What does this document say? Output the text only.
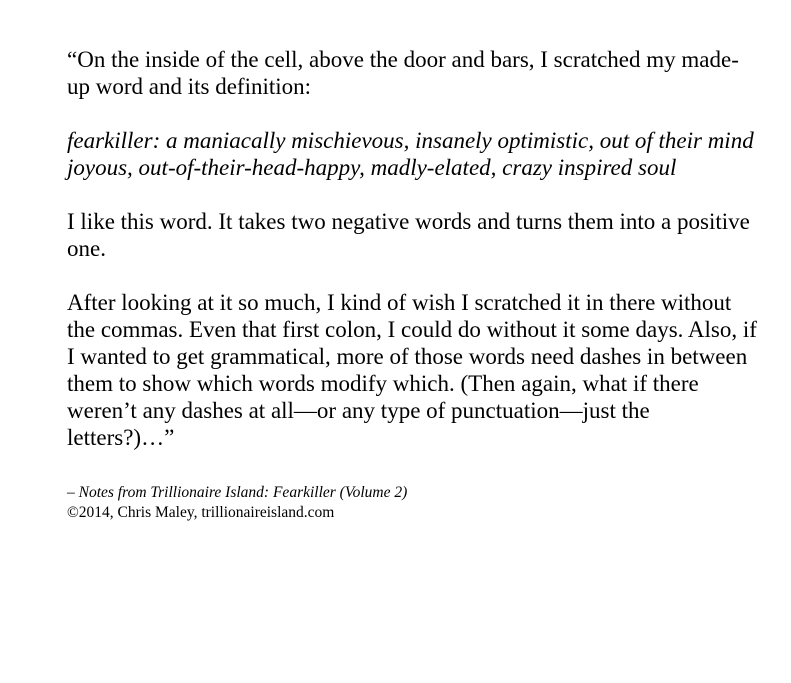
“On the inside of the cell, above the door and bars, I scratched my made-up word and its definition:

fearkiller: a maniacally mischievous, insanely optimistic, out of their mind joyous, out-of-their-head-happy, madly-elated, crazy inspired soul

I like this word. It takes two negative words and turns them into a positive one.

After looking at it so much, I kind of wish I scratched it in there without the commas. Even that first colon, I could do without it some days. Also, if I wanted to get grammatical, more of those words need dashes in between them to show which words modify which. (Then again, what if there weren’t any dashes at all—or any type of punctuation—just the letters?)…”

– Notes from Trillionaire Island: Fearkiller (Volume 2)
©2014, Chris Maley, trillionaireisland.com
